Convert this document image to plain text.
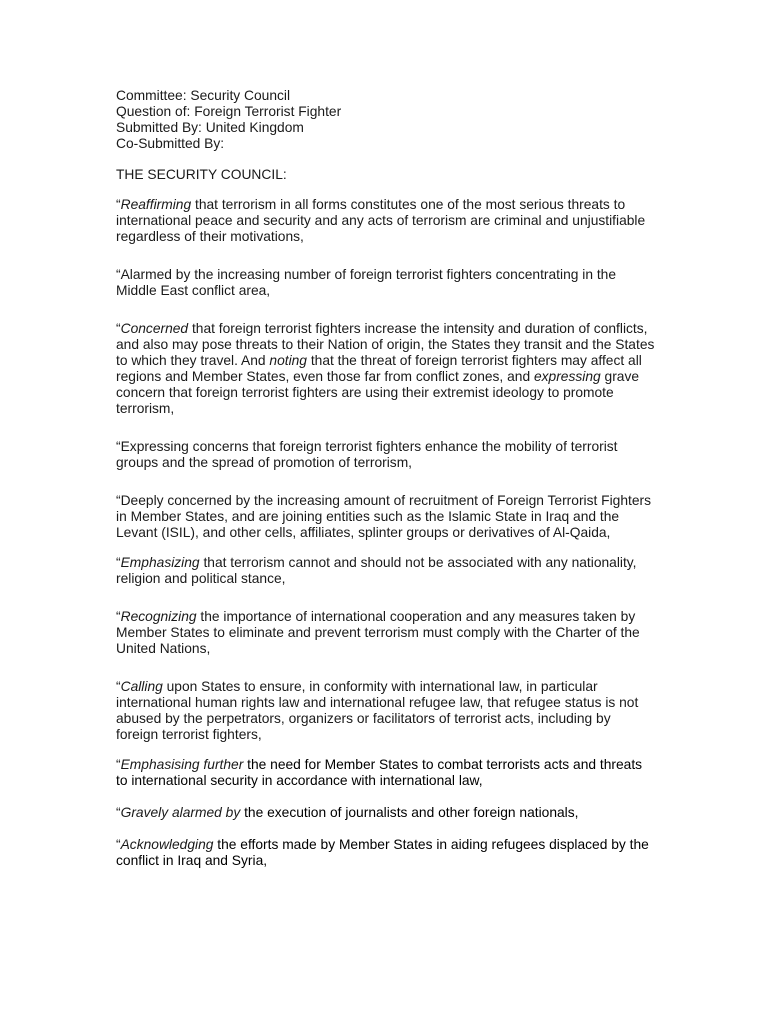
Committee: Security Council
Question of: Foreign Terrorist Fighter
Submitted By: United Kingdom
Co-Submitted By:
THE SECURITY COUNCIL:

“Reaffirming that terrorism in all forms constitutes one of the most serious threats to international peace and security and any acts of terrorism are criminal and unjustifiable regardless of their motivations,

“Alarmed by the increasing number of foreign terrorist fighters concentrating in the Middle East conflict area,

“Concerned that foreign terrorist fighters increase the intensity and duration of conflicts, and also may pose threats to their Nation of origin, the States they transit and the States to which they travel. And noting that the threat of foreign terrorist fighters may affect all regions and Member States, even those far from conflict zones, and expressing grave concern that foreign terrorist fighters are using their extremist ideology to promote terrorism,

“Expressing concerns that foreign terrorist fighters enhance the mobility of terrorist groups and the spread of promotion of terrorism,

“Deeply concerned by the increasing amount of recruitment of Foreign Terrorist Fighters in Member States, and are joining entities such as the Islamic State in Iraq and the Levant (ISIL), and other cells, affiliates, splinter groups or derivatives of Al-Qaida,

“Emphasizing that terrorism cannot and should not be associated with any nationality, religion and political stance,

“Recognizing the importance of international cooperation and any measures taken by Member States to eliminate and prevent terrorism must comply with the Charter of the United Nations,

“Calling upon States to ensure, in conformity with international law, in particular international human rights law and international refugee law, that refugee status is not abused by the perpetrators, organizers or facilitators of terrorist acts, including by foreign terrorist fighters,

“Emphasising further the need for Member States to combat terrorists acts and threats to international security in accordance with international law,

“Gravely alarmed by the execution of journalists and other foreign nationals,

“Acknowledging the efforts made by Member States in aiding refugees displaced by the conflict in Iraq and Syria,
